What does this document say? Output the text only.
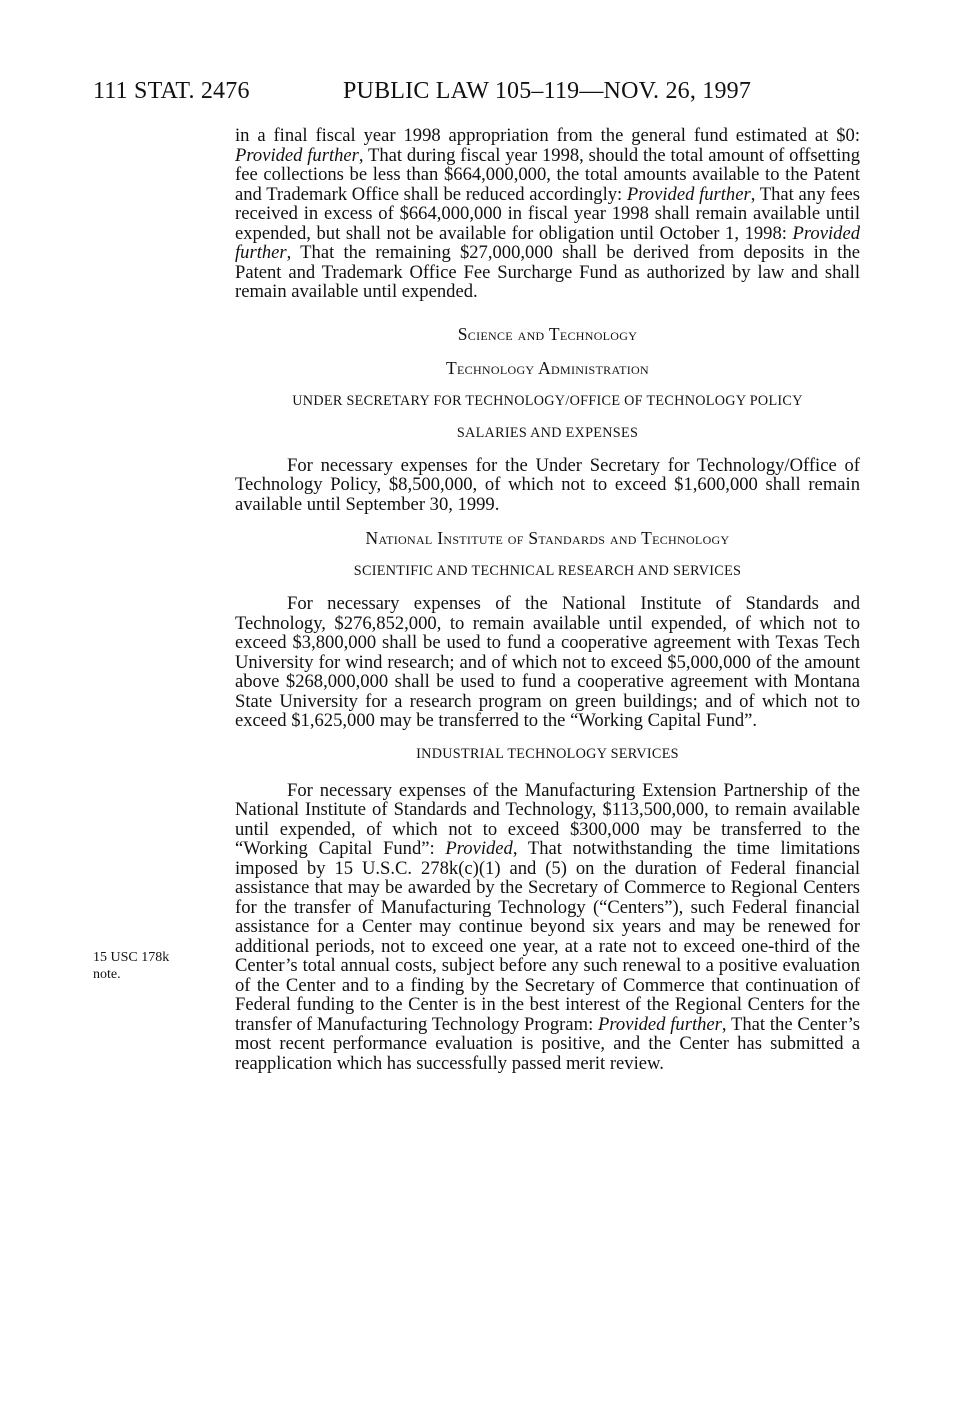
111 STAT. 2476	PUBLIC LAW 105–119—NOV. 26, 1997

in a final fiscal year 1998 appropriation from the general fund estimated at $0: Provided further, That during fiscal year 1998, should the total amount of offsetting fee collections be less than $664,000,000, the total amounts available to the Patent and Trademark Office shall be reduced accordingly: Provided further, That any fees received in excess of $664,000,000 in fiscal year 1998 shall remain available until expended, but shall not be available for obligation until October 1, 1998: Provided further, That the remaining $27,000,000 shall be derived from deposits in the Patent and Trademark Office Fee Surcharge Fund as authorized by law and shall remain available until expended.

Science and Technology
Technology Administration
UNDER SECRETARY FOR TECHNOLOGY/OFFICE OF TECHNOLOGY POLICY
SALARIES AND EXPENSES

For necessary expenses for the Under Secretary for Technology/Office of Technology Policy, $8,500,000, of which not to exceed $1,600,000 shall remain available until September 30, 1999.

National Institute of Standards and Technology
SCIENTIFIC AND TECHNICAL RESEARCH AND SERVICES

For necessary expenses of the National Institute of Standards and Technology, $276,852,000, to remain available until expended, of which not to exceed $3,800,000 shall be used to fund a cooperative agreement with Texas Tech University for wind research; and of which not to exceed $5,000,000 of the amount above $268,000,000 shall be used to fund a cooperative agreement with Montana State University for a research program on green buildings; and of which not to exceed $1,625,000 may be transferred to the “Working Capital Fund”.

INDUSTRIAL TECHNOLOGY SERVICES

For necessary expenses of the Manufacturing Extension Partnership of the National Institute of Standards and Technology, $113,500,000, to remain available until expended, of which not to exceed $300,000 may be transferred to the “Working Capital Fund”: Provided, That notwithstanding the time limitations imposed by 15 U.S.C. 278k(c)(1) and (5) on the duration of Federal financial assistance that may be awarded by the Secretary of Commerce to Regional Centers for the transfer of Manufacturing Technology (“Centers”), such Federal financial assistance for a Center may continue beyond six years and may be renewed for additional periods, not to exceed one year, at a rate not to exceed one-third of the Center’s total annual costs, subject before any such renewal to a positive evaluation of the Center and to a finding by the Secretary of Commerce that continuation of Federal funding to the Center is in the best interest of the Regional Centers for the transfer of Manufacturing Technology Program: Provided further, That the Center’s most recent performance evaluation is positive, and the Center has submitted a reapplication which has successfully passed merit review.

15 USC 178k
note.
